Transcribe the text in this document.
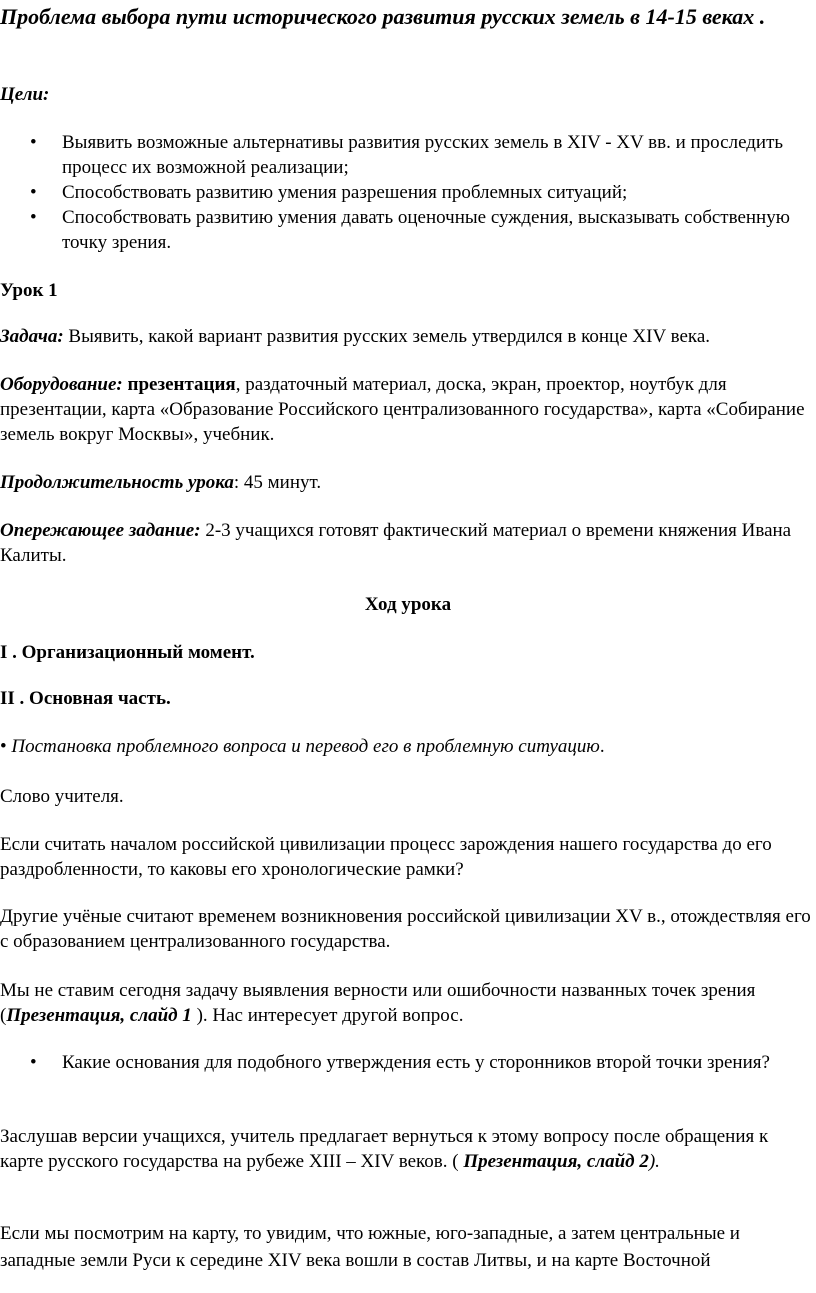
Проблема выбора пути исторического развития русских земель в 14-15 веках .

Цели:

• Выявить возможные альтернативы развития русских земель в XIV - XV вв. и проследить процесс их возможной реализации;
• Способствовать развитию умения разрешения проблемных ситуаций;
• Способствовать развитию умения давать оценочные суждения, высказывать собственную точку зрения.

Урок 1

Задача: Выявить, какой вариант развития русских земель утвердился в конце XIV века.

Оборудование: презентация, раздаточный материал, доска, экран, проектор, ноутбук для презентации, карта «Образование Российского централизованного государства», карта «Собирание земель вокруг Москвы», учебник.

Продолжительность урока: 45 минут.

Опережающее задание: 2-3 учащихся готовят фактический материал о времени княжения Ивана Калиты.

Ход урока

I . Организационный момент.

II . Основная часть.

• Постановка проблемного вопроса и перевод его в проблемную ситуацию.

Слово учителя.

Если считать началом российской цивилизации процесс зарождения нашего государства до его раздробленности, то каковы его хронологические рамки?

Другие учёные считают временем возникновения российской цивилизации XV в., отождествляя его с образованием централизованного государства.

Мы не ставим сегодня задачу выявления верности или ошибочности названных точек зрения (Презентация, слайд 1 ). Нас интересует другой вопрос.

• Какие основания для подобного утверждения есть у сторонников второй точки зрения?

Заслушав версии учащихся, учитель предлагает вернуться к этому вопросу после обращения к карте русского государства на рубеже XIII – XIV веков. ( Презентация, слайд 2).

Если мы посмотрим на карту, то увидим, что южные, юго-западные, а затем центральные и западные земли Руси к середине XIV века вошли в состав Литвы, и на карте Восточной
